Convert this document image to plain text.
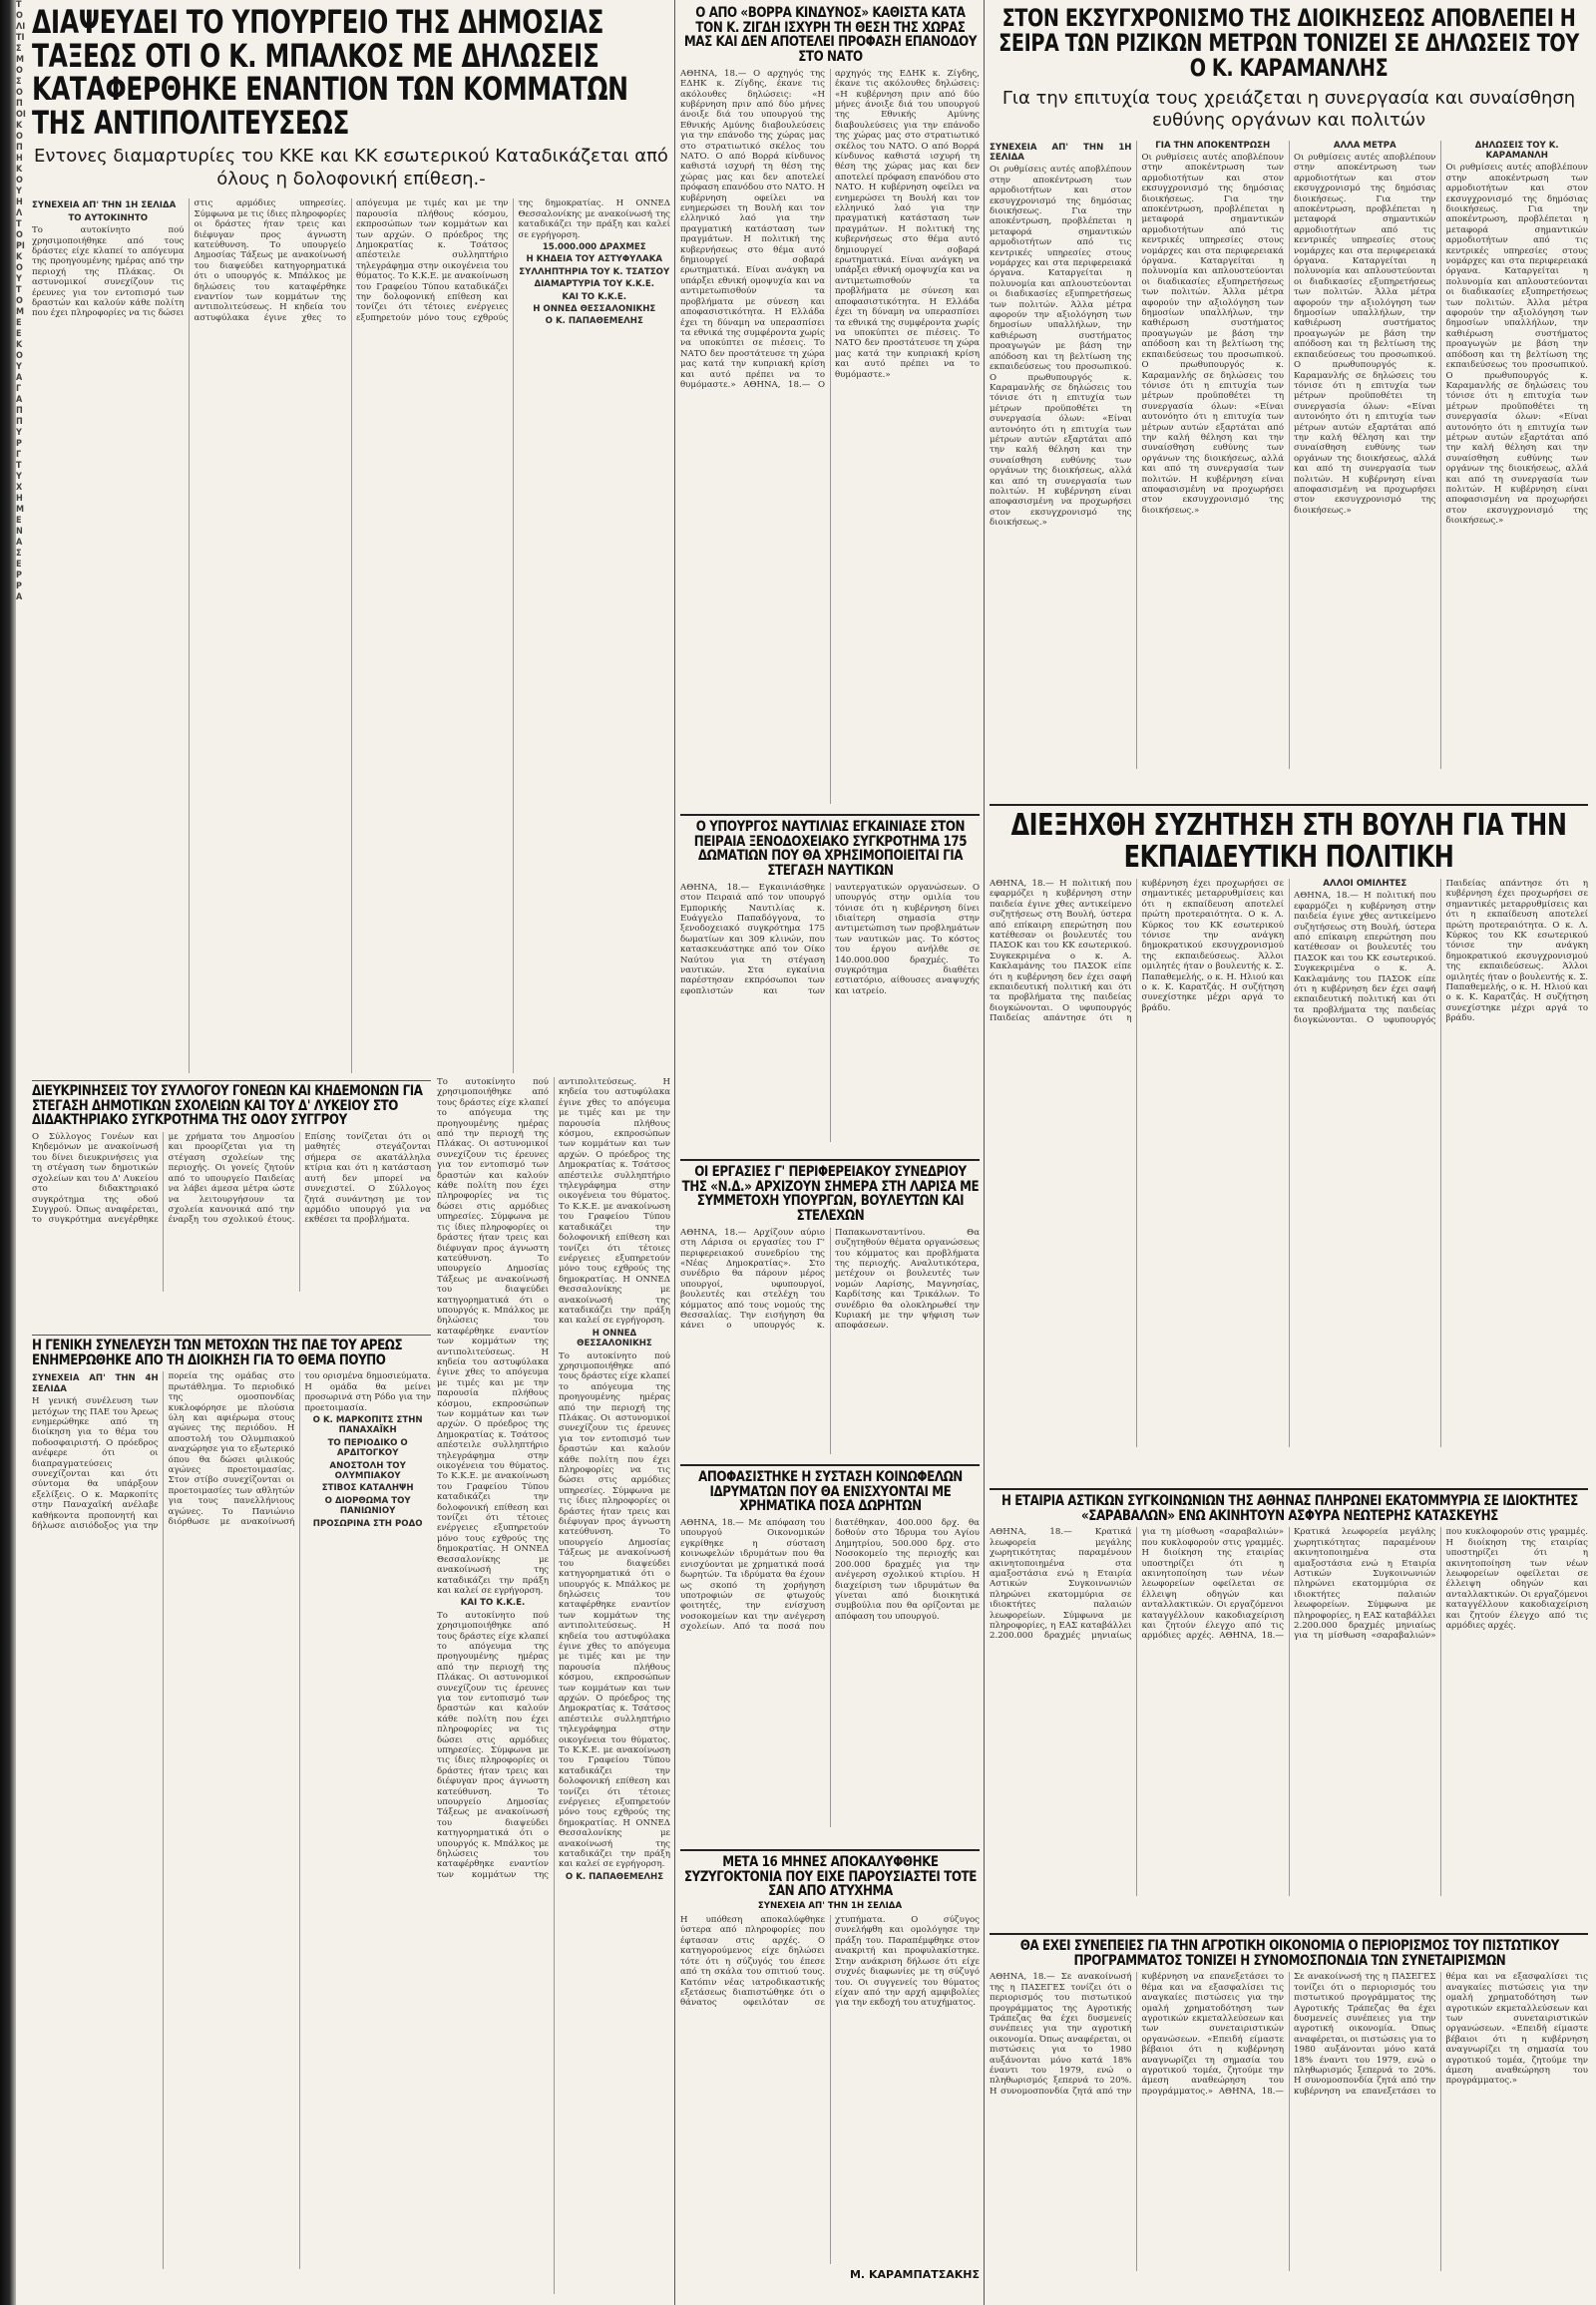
ΤΟΛΙΤΙΣΜΟΣ ΟΠΟΙ ΚΟΠΗ ΚΟΥ ΗΛ ΤΟΡΙΚΟΥ ΤΟΜΕ ΕΚΟΥ ΑΓΑΠ ΠΥΡΓ ΤΥΧΗ ΜΕΝΑ ΣΕΡΡΑ
ΔΙΑΨΕΥΔΕΙ ΤΟ ΥΠΟΥΡΓΕΙΟ ΤΗΣ ΔΗΜΟΣΙΑΣ ΤΑΞΕΩΣ ΟΤΙ Ο Κ. ΜΠΑΛΚΟΣ ΜΕ ΔΗΛΩΣΕΙΣ ΚΑΤΑΦΕΡΘΗΚΕ ΕΝΑΝΤΙΟΝ ΤΩΝ ΚΟΜΜΑΤΩΝ ΤΗΣ ΑΝΤΙΠΟΛΙΤΕΥΣΕΩΣ
Εντονες διαμαρτυρίες του ΚΚΕ και ΚΚ εσωτερικού Καταδικάζεται από όλους η δολοφονική επίθεση.-
ΣΥΝΕΧΕΙΑ ΑΠ' ΤΗΝ 1Η ΣΕΛΙΔΑ
ΤΟ ΑΥΤΟΚΙΝΗΤΟ
Το αυτοκίνητο πού χρησιμοποιήθηκε από τους δράστες είχε κλαπεί το απόγευμα της προηγουμένης ημέρας από την περιοχή της Πλάκας. Οι αστυνομικοί συνεχίζουν τις έρευνες για τον εντοπισμό των δραστών και καλούν κάθε πολίτη που έχει πληροφορίες να τις δώσει στις αρμόδιες υπηρεσίες. Σύμφωνα με τις ίδιες πληροφορίες οι δράστες ήταν τρεις και διέφυγαν προς άγνωστη κατεύθυνση. Το υπουργείο Δημοσίας Τάξεως με ανακοίνωσή του διαψεύδει κατηγορηματικά ότι ο υπουργός κ. Μπάλκος με δηλώσεις του καταφέρθηκε εναντίον των κομμάτων της αντιπολιτεύσεως. Η κηδεία του αστυφύλακα έγινε χθες το απόγευμα με τιμές και με την παρουσία πλήθους κόσμου, εκπροσώπων των κομμάτων και των αρχών. Ο πρόεδρος της Δημοκρατίας κ. Τσάτσος απέστειλε συλληπτήριο τηλεγράφημα στην οικογένεια του θύματος. Το Κ.Κ.Ε. με ανακοίνωση του Γραφείου Τύπου καταδικάζει την δολοφονική επίθεση και τονίζει ότι τέτοιες ενέργειες εξυπηρετούν μόνο τους εχθρούς της δημοκρατίας. Η ΟΝΝΕΔ Θεσσαλονίκης με ανακοίνωσή της καταδικάζει την πράξη και καλεί σε εγρήγορση.
15.000.000 ΔΡΑΧΜΕΣ
Η ΚΗΔΕΙΑ ΤΟΥ ΑΣΤΥΦΥΛΑΚΑ
ΣΥΛΛΗΠΤΗΡΙΑ ΤΟΥ Κ. ΤΣΑΤΣΟΥ
ΔΙΑΜΑΡΤΥΡΙΑ ΤΟΥ Κ.Κ.Ε.
ΚΑΙ ΤΟ Κ.Κ.Ε.
Η ΟΝΝΕΔ ΘΕΣΣΑΛΟΝΙΚΗΣ
Ο Κ. ΠΑΠΑΘΕΜΕΛΗΣ
ΔΙΕΥΚΡΙΝΗΣΕΙΣ ΤΟΥ ΣΥΛΛΟΓΟΥ ΓΟΝΕΩΝ ΚΑΙ ΚΗΔΕΜΟΝΩΝ ΓΙΑ ΣΤΕΓΑΣΗ ΔΗΜΟΤΙΚΩΝ ΣΧΟΛΕΙΩΝ ΚΑΙ ΤΟΥ Δ' ΛΥΚΕΙΟΥ ΣΤΟ ΔΙΔΑΚΤΗΡΙΑΚΟ ΣΥΓΚΡΟΤΗΜΑ ΤΗΣ ΟΔΟΥ ΣΥΓΓΡΟΥ
Ο Σύλλογος Γονέων και Κηδεμόνων με ανακοίνωσή του δίνει διευκρινήσεις για τη στέγαση των δημοτικών σχολείων και του Δ' Λυκείου στο διδακτηριακό συγκρότημα της οδού Συγγρού. Όπως αναφέρεται, το συγκρότημα ανεγέρθηκε με χρήματα του Δημοσίου και προορίζεται για τη στέγαση σχολείων της περιοχής. Οι γονείς ζητούν από το υπουργείο Παιδείας να λάβει άμεσα μέτρα ώστε να λειτουργήσουν τα σχολεία κανονικά από την έναρξη του σχολικού έτους. Επίσης τονίζεται ότι οι μαθητές στεγάζονται σήμερα σε ακατάλληλα κτίρια και ότι η κατάσταση αυτή δεν μπορεί να συνεχιστεί. Ο Σύλλογος ζητά συνάντηση με τον αρμόδιο υπουργό για να εκθέσει τα προβλήματα.
Η ΓΕΝΙΚΗ ΣΥΝΕΛΕΥΣΗ ΤΩΝ ΜΕΤΟΧΩΝ ΤΗΣ ΠΑΕ ΤΟΥ ΑΡΕΩΣ ΕΝΗΜΕΡΩΘΗΚΕ ΑΠΟ ΤΗ ΔΙΟΙΚΗΣΗ ΓΙΑ ΤΟ ΘΕΜΑ ΠΟΥΠΟ
ΣΥΝΕΧΕΙΑ ΑΠ' ΤΗΝ 4Η ΣΕΛΙΔΑ
Η γενική συνέλευση των μετόχων της ΠΑΕ του Άρεως ενημερώθηκε από τη διοίκηση για το θέμα του ποδοσφαιριστή. Ο πρόεδρος ανέφερε ότι οι διαπραγματεύσεις συνεχίζονται και ότι σύντομα θα υπάρξουν εξελίξεις. Ο κ. Μαρκοπίτς στην Παναχαϊκή ανέλαβε καθήκοντα προπονητή και δήλωσε αισιόδοξος για την πορεία της ομάδας στο πρωτάθλημα. Το περιοδικό της ομοσπονδίας κυκλοφόρησε με πλούσια ύλη και αφιέρωμα στους αγώνες της περιόδου. Η αποστολή του Ολυμπιακού αναχώρησε για το εξωτερικό όπου θα δώσει φιλικούς αγώνες προετοιμασίας. Στον στίβο συνεχίζονται οι προετοιμασίες των αθλητών για τους πανελλήνιους αγώνες. Το Πανιώνιο διόρθωσε με ανακοίνωσή του ορισμένα δημοσιεύματα. Η ομάδα θα μείνει προσωρινά στη Ρόδο για την προετοιμασία.
Ο Κ. ΜΑΡΚΟΠΙΤΣ ΣΤΗΝ ΠΑΝΑΧΑΪΚΗ
ΤΟ ΠΕΡΙΟΔΙΚΟ Ο ΑΡΔΙΤΟΓΚΟΥ
ΑΝΟΣΤΟΛΗ ΤΟΥ ΟΛΥΜΠΙΑΚΟΥ
ΣΤΙΒΟΣ ΚΑΤΑΛΗΨΗ
Ο ΔΙΟΡΘΩΜΑ ΤΟΥ ΠΑΝΙΩΝΙΟΥ
ΠΡΟΣΩΡΙΝΑ ΣΤΗ ΡΟΔΟ
Το αυτοκίνητο πού χρησιμοποιήθηκε από τους δράστες είχε κλαπεί το απόγευμα της προηγουμένης ημέρας από την περιοχή της Πλάκας. Οι αστυνομικοί συνεχίζουν τις έρευνες για τον εντοπισμό των δραστών και καλούν κάθε πολίτη που έχει πληροφορίες να τις δώσει στις αρμόδιες υπηρεσίες. Σύμφωνα με τις ίδιες πληροφορίες οι δράστες ήταν τρεις και διέφυγαν προς άγνωστη κατεύθυνση. Το υπουργείο Δημοσίας Τάξεως με ανακοίνωσή του διαψεύδει κατηγορηματικά ότι ο υπουργός κ. Μπάλκος με δηλώσεις του καταφέρθηκε εναντίον των κομμάτων της αντιπολιτεύσεως. Η κηδεία του αστυφύλακα έγινε χθες το απόγευμα με τιμές και με την παρουσία πλήθους κόσμου, εκπροσώπων των κομμάτων και των αρχών. Ο πρόεδρος της Δημοκρατίας κ. Τσάτσος απέστειλε συλληπτήριο τηλεγράφημα στην οικογένεια του θύματος. Το Κ.Κ.Ε. με ανακοίνωση του Γραφείου Τύπου καταδικάζει την δολοφονική επίθεση και τονίζει ότι τέτοιες ενέργειες εξυπηρετούν μόνο τους εχθρούς της δημοκρατίας. Η ΟΝΝΕΔ Θεσσαλονίκης με ανακοίνωσή της καταδικάζει την πράξη και καλεί σε εγρήγορση.
ΚΑΙ ΤΟ Κ.Κ.Ε.
Το αυτοκίνητο πού χρησιμοποιήθηκε από τους δράστες είχε κλαπεί το απόγευμα της προηγουμένης ημέρας από την περιοχή της Πλάκας. Οι αστυνομικοί συνεχίζουν τις έρευνες για τον εντοπισμό των δραστών και καλούν κάθε πολίτη που έχει πληροφορίες να τις δώσει στις αρμόδιες υπηρεσίες. Σύμφωνα με τις ίδιες πληροφορίες οι δράστες ήταν τρεις και διέφυγαν προς άγνωστη κατεύθυνση. Το υπουργείο Δημοσίας Τάξεως με ανακοίνωσή του διαψεύδει κατηγορηματικά ότι ο υπουργός κ. Μπάλκος με δηλώσεις του καταφέρθηκε εναντίον των κομμάτων της αντιπολιτεύσεως. Η κηδεία του αστυφύλακα έγινε χθες το απόγευμα με τιμές και με την παρουσία πλήθους κόσμου, εκπροσώπων των κομμάτων και των αρχών. Ο πρόεδρος της Δημοκρατίας κ. Τσάτσος απέστειλε συλληπτήριο τηλεγράφημα στην οικογένεια του θύματος. Το Κ.Κ.Ε. με ανακοίνωση του Γραφείου Τύπου καταδικάζει την δολοφονική επίθεση και τονίζει ότι τέτοιες ενέργειες εξυπηρετούν μόνο τους εχθρούς της δημοκρατίας. Η ΟΝΝΕΔ Θεσσαλονίκης με ανακοίνωσή της καταδικάζει την πράξη και καλεί σε εγρήγορση.
Η ΟΝΝΕΔ ΘΕΣΣΑΛΟΝΙΚΗΣ
Το αυτοκίνητο πού χρησιμοποιήθηκε από τους δράστες είχε κλαπεί το απόγευμα της προηγουμένης ημέρας από την περιοχή της Πλάκας. Οι αστυνομικοί συνεχίζουν τις έρευνες για τον εντοπισμό των δραστών και καλούν κάθε πολίτη που έχει πληροφορίες να τις δώσει στις αρμόδιες υπηρεσίες. Σύμφωνα με τις ίδιες πληροφορίες οι δράστες ήταν τρεις και διέφυγαν προς άγνωστη κατεύθυνση. Το υπουργείο Δημοσίας Τάξεως με ανακοίνωσή του διαψεύδει κατηγορηματικά ότι ο υπουργός κ. Μπάλκος με δηλώσεις του καταφέρθηκε εναντίον των κομμάτων της αντιπολιτεύσεως. Η κηδεία του αστυφύλακα έγινε χθες το απόγευμα με τιμές και με την παρουσία πλήθους κόσμου, εκπροσώπων των κομμάτων και των αρχών. Ο πρόεδρος της Δημοκρατίας κ. Τσάτσος απέστειλε συλληπτήριο τηλεγράφημα στην οικογένεια του θύματος. Το Κ.Κ.Ε. με ανακοίνωση του Γραφείου Τύπου καταδικάζει την δολοφονική επίθεση και τονίζει ότι τέτοιες ενέργειες εξυπηρετούν μόνο τους εχθρούς της δημοκρατίας. Η ΟΝΝΕΔ Θεσσαλονίκης με ανακοίνωσή της καταδικάζει την πράξη και καλεί σε εγρήγορση.
Ο Κ. ΠΑΠΑΘΕΜΕΛΗΣ
Ο ΑΠΟ «ΒΟΡΡΑ ΚΙΝΔΥΝΟΣ» ΚΑΘΙΣΤΑ ΚΑΤΑ ΤΟΝ Κ. ΖΙΓΔΗ ΙΣΧΥΡΗ ΤΗ ΘΕΣΗ ΤΗΣ ΧΩΡΑΣ ΜΑΣ ΚΑΙ ΔΕΝ ΑΠΟΤΕΛΕΙ ΠΡΟΦΑΣΗ ΕΠΑΝΟΔΟΥ ΣΤΟ ΝΑΤΟ
ΑΘΗΝΑ, 18.— Ο αρχηγός της ΕΔΗΚ κ. Ζίγδης, έκανε τις ακόλουθες δηλώσεις: «Η κυβέρνηση πριν από δύο μήνες άνοιξε διά του υπουργού της Εθνικής Αμύνης διαβουλεύσεις για την επάνοδο της χώρας μας στο στρατιωτικό σκέλος του ΝΑΤΟ. Ο από Βορρά κίνδυνος καθιστά ισχυρή τη θέση της χώρας μας και δεν αποτελεί πρόφαση επανόδου στο ΝΑΤΟ. Η κυβέρνηση οφείλει να ενημερώσει τη Βουλή και τον ελληνικό λαό για την πραγματική κατάσταση των πραγμάτων. Η πολιτική της κυβερνήσεως στο θέμα αυτό δημιουργεί σοβαρά ερωτηματικά. Είναι ανάγκη να υπάρξει εθνική ομοψυχία και να αντιμετωπισθούν τα προβλήματα με σύνεση και αποφασιστικότητα. Η Ελλάδα έχει τη δύναμη να υπερασπίσει τα εθνικά της συμφέροντα χωρίς να υποκύπτει σε πιέσεις. Το ΝΑΤΟ δεν προστάτευσε τη χώρα μας κατά την κυπριακή κρίση και αυτό πρέπει να το θυμόμαστε.» ΑΘΗΝΑ, 18.— Ο αρχηγός της ΕΔΗΚ κ. Ζίγδης, έκανε τις ακόλουθες δηλώσεις: «Η κυβέρνηση πριν από δύο μήνες άνοιξε διά του υπουργού της Εθνικής Αμύνης διαβουλεύσεις για την επάνοδο της χώρας μας στο στρατιωτικό σκέλος του ΝΑΤΟ. Ο από Βορρά κίνδυνος καθιστά ισχυρή τη θέση της χώρας μας και δεν αποτελεί πρόφαση επανόδου στο ΝΑΤΟ. Η κυβέρνηση οφείλει να ενημερώσει τη Βουλή και τον ελληνικό λαό για την πραγματική κατάσταση των πραγμάτων. Η πολιτική της κυβερνήσεως στο θέμα αυτό δημιουργεί σοβαρά ερωτηματικά. Είναι ανάγκη να υπάρξει εθνική ομοψυχία και να αντιμετωπισθούν τα προβλήματα με σύνεση και αποφασιστικότητα. Η Ελλάδα έχει τη δύναμη να υπερασπίσει τα εθνικά της συμφέροντα χωρίς να υποκύπτει σε πιέσεις. Το ΝΑΤΟ δεν προστάτευσε τη χώρα μας κατά την κυπριακή κρίση και αυτό πρέπει να το θυμόμαστε.»
Ο ΥΠΟΥΡΓΟΣ ΝΑΥΤΙΛΙΑΣ ΕΓΚΑΙΝΙΑΣΕ ΣΤΟΝ ΠΕΙΡΑΙΑ ΞΕΝΟΔΟΧΕΙΑΚΟ ΣΥΓΚΡΟΤΗΜΑ 175 ΔΩΜΑΤΙΩΝ ΠΟΥ ΘΑ ΧΡΗΣΙΜΟΠΟΙΕΙΤΑΙ ΓΙΑ ΣΤΕΓΑΣΗ ΝΑΥΤΙΚΩΝ
ΑΘΗΝΑ, 18.— Εγκαινιάσθηκε στον Πειραιά από τον υπουργό Εμπορικής Ναυτιλίας κ. Ευάγγελο Παπαδόγγονα, το ξενοδοχειακό συγκρότημα 175 δωματίων και 309 κλινών, που κατασκευάστηκε από τον Οίκο Ναύτου για τη στέγαση ναυτικών. Στα εγκαίνια παρέστησαν εκπρόσωποι των εφοπλιστών και των ναυτεργατικών οργανώσεων. Ο υπουργός στην ομιλία του τόνισε ότι η κυβέρνηση δίνει ιδιαίτερη σημασία στην αντιμετώπιση των προβλημάτων των ναυτικών μας. Το κόστος του έργου ανήλθε σε 140.000.000 δραχμές. Το συγκρότημα διαθέτει εστιατόριο, αίθουσες αναψυχής και ιατρείο.
ΟΙ ΕΡΓΑΣΙΕΣ Γ' ΠΕΡΙΦΕΡΕΙΑΚΟΥ ΣΥΝΕΔΡΙΟΥ ΤΗΣ «Ν.Δ.» ΑΡΧΙΖΟΥΝ ΣΗΜΕΡΑ ΣΤΗ ΛΑΡΙΣΑ ΜΕ ΣΥΜΜΕΤΟΧΗ ΥΠΟΥΡΓΩΝ, ΒΟΥΛΕΥΤΩΝ ΚΑΙ ΣΤΕΛΕΧΩΝ
ΑΘΗΝΑ, 18.— Αρχίζουν αύριο στη Λάρισα οι εργασίες του Γ' περιφερειακού συνεδρίου της «Νέας Δημοκρατίας». Στο συνέδριο θα πάρουν μέρος υπουργοί, υφυπουργοί, βουλευτές και στελέχη του κόμματος από τους νομούς της Θεσσαλίας. Την εισήγηση θα κάνει ο υπουργός κ. Παπακωνσταντίνου. Θα συζητηθούν θέματα οργανώσεως του κόμματος και προβλήματα της περιοχής. Αναλυτικότερα, μετέχουν οι βουλευτές των νομών Λαρίσης, Μαγνησίας, Καρδίτσης και Τρικάλων. Το συνέδριο θα ολοκληρωθεί την Κυριακή με την ψήφιση των αποφάσεων.
ΑΠΟΦΑΣΙΣΤΗΚΕ Η ΣΥΣΤΑΣΗ ΚΟΙΝΩΦΕΛΩΝ ΙΔΡΥΜΑΤΩΝ ΠΟΥ ΘΑ ΕΝΙΣΧΥΟΝΤΑΙ ΜΕ ΧΡΗΜΑΤΙΚΑ ΠΟΣΑ ΔΩΡΗΤΩΝ
ΑΘΗΝΑ, 18.— Με απόφαση του υπουργού Οικονομικών εγκρίθηκε η σύσταση κοινωφελών ιδρυμάτων που θα ενισχύονται με χρηματικά ποσά δωρητών. Τα ιδρύματα θα έχουν ως σκοπό τη χορήγηση υποτροφιών σε φτωχούς φοιτητές, την ενίσχυση νοσοκομείων και την ανέγερση σχολείων. Από τα ποσά που διατέθηκαν, 400.000 δρχ. θα δοθούν στο Ίδρυμα του Αγίου Δημητρίου, 500.000 δρχ. στο Νοσοκομείο της περιοχής και 200.000 δραχμές για την ανέγερση σχολικού κτιρίου. Η διαχείριση των ιδρυμάτων θα γίνεται από διοικητικά συμβούλια που θα ορίζονται με απόφαση του υπουργού.
ΜΕΤΑ 16 ΜΗΝΕΣ ΑΠΟΚΑΛΥΦΘΗΚΕ ΣΥΖΥΓΟΚΤΟΝΙΑ ΠΟΥ ΕΙΧΕ ΠΑΡΟΥΣΙΑΣΤΕΙ ΤΟΤΕ ΣΑΝ ΑΠΟ ΑΤΥΧΗΜΑ
ΣΥΝΕΧΕΙΑ ΑΠ' ΤΗΝ 1Η ΣΕΛΙΔΑ
Η υπόθεση αποκαλύφθηκε ύστερα από πληροφορίες που έφτασαν στις αρχές. Ο κατηγορούμενος είχε δηλώσει τότε ότι η σύζυγός του έπεσε από τη σκάλα του σπιτιού τους. Κατόπιν νέας ιατροδικαστικής εξετάσεως διαπιστώθηκε ότι ο θάνατος οφειλόταν σε χτυπήματα. Ο σύζυγος συνελήφθη και ομολόγησε την πράξη του. Παραπέμφθηκε στον ανακριτή και προφυλακίστηκε. Στην ανάκριση δήλωσε ότι είχε συχνές διαφωνίες με τη σύζυγό του. Οι συγγενείς του θύματος είχαν από την αρχή αμφιβολίες για την εκδοχή του ατυχήματος.
Μ. ΚΑΡΑΜΠΑΤΣΑΚΗΣ
ΣΤΟΝ ΕΚΣΥΓΧΡΟΝΙΣΜΟ ΤΗΣ ΔΙΟΙΚΗΣΕΩΣ ΑΠΟΒΛΕΠΕΙ Η ΣΕΙΡΑ ΤΩΝ ΡΙΖΙΚΩΝ ΜΕΤΡΩΝ ΤΟΝΙΖΕΙ ΣΕ ΔΗΛΩΣΕΙΣ ΤΟΥ Ο Κ. ΚΑΡΑΜΑΝΛΗΣ
Για την επιτυχία τους χρειάζεται η συνεργασία και συναίσθηση ευθύνης οργάνων και πολιτών
ΣΥΝΕΧΕΙΑ ΑΠ' ΤΗΝ 1Η ΣΕΛΙΔΑ
Οι ρυθμίσεις αυτές αποβλέπουν στην αποκέντρωση των αρμοδιοτήτων και στον εκσυγχρονισμό της δημόσιας διοικήσεως. Για την αποκέντρωση, προβλέπεται η μεταφορά σημαντικών αρμοδιοτήτων από τις κεντρικές υπηρεσίες στους νομάρχες και στα περιφερειακά όργανα. Καταργείται η πολυνομία και απλουστεύονται οι διαδικασίες εξυπηρετήσεως των πολιτών. Άλλα μέτρα αφορούν την αξιολόγηση των δημοσίων υπαλλήλων, την καθιέρωση συστήματος προαγωγών με βάση την απόδοση και τη βελτίωση της εκπαιδεύσεως του προσωπικού. Ο πρωθυπουργός κ. Καραμανλής σε δηλώσεις του τόνισε ότι η επιτυχία των μέτρων προϋποθέτει τη συνεργασία όλων: «Είναι αυτονόητο ότι η επιτυχία των μέτρων αυτών εξαρτάται από την καλή θέληση και την συναίσθηση ευθύνης των οργάνων της διοικήσεως, αλλά και από τη συνεργασία των πολιτών. Η κυβέρνηση είναι αποφασισμένη να προχωρήσει στον εκσυγχρονισμό της διοικήσεως.»
ΓΙΑ ΤΗΝ ΑΠΟΚΕΝΤΡΩΣΗ
Οι ρυθμίσεις αυτές αποβλέπουν στην αποκέντρωση των αρμοδιοτήτων και στον εκσυγχρονισμό της δημόσιας διοικήσεως. Για την αποκέντρωση, προβλέπεται η μεταφορά σημαντικών αρμοδιοτήτων από τις κεντρικές υπηρεσίες στους νομάρχες και στα περιφερειακά όργανα. Καταργείται η πολυνομία και απλουστεύονται οι διαδικασίες εξυπηρετήσεως των πολιτών. Άλλα μέτρα αφορούν την αξιολόγηση των δημοσίων υπαλλήλων, την καθιέρωση συστήματος προαγωγών με βάση την απόδοση και τη βελτίωση της εκπαιδεύσεως του προσωπικού. Ο πρωθυπουργός κ. Καραμανλής σε δηλώσεις του τόνισε ότι η επιτυχία των μέτρων προϋποθέτει τη συνεργασία όλων: «Είναι αυτονόητο ότι η επιτυχία των μέτρων αυτών εξαρτάται από την καλή θέληση και την συναίσθηση ευθύνης των οργάνων της διοικήσεως, αλλά και από τη συνεργασία των πολιτών. Η κυβέρνηση είναι αποφασισμένη να προχωρήσει στον εκσυγχρονισμό της διοικήσεως.»
ΑΛΛΑ ΜΕΤΡΑ
Οι ρυθμίσεις αυτές αποβλέπουν στην αποκέντρωση των αρμοδιοτήτων και στον εκσυγχρονισμό της δημόσιας διοικήσεως. Για την αποκέντρωση, προβλέπεται η μεταφορά σημαντικών αρμοδιοτήτων από τις κεντρικές υπηρεσίες στους νομάρχες και στα περιφερειακά όργανα. Καταργείται η πολυνομία και απλουστεύονται οι διαδικασίες εξυπηρετήσεως των πολιτών. Άλλα μέτρα αφορούν την αξιολόγηση των δημοσίων υπαλλήλων, την καθιέρωση συστήματος προαγωγών με βάση την απόδοση και τη βελτίωση της εκπαιδεύσεως του προσωπικού. Ο πρωθυπουργός κ. Καραμανλής σε δηλώσεις του τόνισε ότι η επιτυχία των μέτρων προϋποθέτει τη συνεργασία όλων: «Είναι αυτονόητο ότι η επιτυχία των μέτρων αυτών εξαρτάται από την καλή θέληση και την συναίσθηση ευθύνης των οργάνων της διοικήσεως, αλλά και από τη συνεργασία των πολιτών. Η κυβέρνηση είναι αποφασισμένη να προχωρήσει στον εκσυγχρονισμό της διοικήσεως.»
ΔΗΛΩΣΕΙΣ ΤΟΥ Κ. ΚΑΡΑΜΑΝΛΗ
Οι ρυθμίσεις αυτές αποβλέπουν στην αποκέντρωση των αρμοδιοτήτων και στον εκσυγχρονισμό της δημόσιας διοικήσεως. Για την αποκέντρωση, προβλέπεται η μεταφορά σημαντικών αρμοδιοτήτων από τις κεντρικές υπηρεσίες στους νομάρχες και στα περιφερειακά όργανα. Καταργείται η πολυνομία και απλουστεύονται οι διαδικασίες εξυπηρετήσεως των πολιτών. Άλλα μέτρα αφορούν την αξιολόγηση των δημοσίων υπαλλήλων, την καθιέρωση συστήματος προαγωγών με βάση την απόδοση και τη βελτίωση της εκπαιδεύσεως του προσωπικού. Ο πρωθυπουργός κ. Καραμανλής σε δηλώσεις του τόνισε ότι η επιτυχία των μέτρων προϋποθέτει τη συνεργασία όλων: «Είναι αυτονόητο ότι η επιτυχία των μέτρων αυτών εξαρτάται από την καλή θέληση και την συναίσθηση ευθύνης των οργάνων της διοικήσεως, αλλά και από τη συνεργασία των πολιτών. Η κυβέρνηση είναι αποφασισμένη να προχωρήσει στον εκσυγχρονισμό της διοικήσεως.»
ΔΙΕΞΗΧΘΗ ΣΥΖΗΤΗΣΗ ΣΤΗ ΒΟΥΛΗ ΓΙΑ ΤΗΝ ΕΚΠΑΙΔΕΥΤΙΚΗ ΠΟΛΙΤΙΚΗ
ΑΘΗΝΑ, 18.— Η πολιτική που εφαρμόζει η κυβέρνηση στην παιδεία έγινε χθες αντικείμενο συζητήσεως στη Βουλή, ύστερα από επίκαιρη επερώτηση που κατέθεσαν οι βουλευτές του ΠΑΣΟΚ και του ΚΚ εσωτερικού. Συγκεκριμένα ο κ. Α. Κακλαμάνης του ΠΑΣΟΚ είπε ότι η κυβέρνηση δεν έχει σαφή εκπαιδευτική πολιτική και ότι τα προβλήματα της παιδείας διογκώνονται. Ο υφυπουργός Παιδείας απάντησε ότι η κυβέρνηση έχει προχωρήσει σε σημαντικές μεταρρυθμίσεις και ότι η εκπαίδευση αποτελεί πρώτη προτεραιότητα. Ο κ. Λ. Κύρκος του ΚΚ εσωτερικού τόνισε την ανάγκη δημοκρατικού εκσυγχρονισμού της εκπαιδεύσεως. Άλλοι ομιλητές ήταν ο βουλευτής κ. Σ. Παπαθεμελής, ο κ. Η. Ηλιού και ο κ. Κ. Καρατζάς. Η συζήτηση συνεχίστηκε μέχρι αργά το βράδυ.
ΑΛΛΟΙ ΟΜΙΛΗΤΕΣ
ΑΘΗΝΑ, 18.— Η πολιτική που εφαρμόζει η κυβέρνηση στην παιδεία έγινε χθες αντικείμενο συζητήσεως στη Βουλή, ύστερα από επίκαιρη επερώτηση που κατέθεσαν οι βουλευτές του ΠΑΣΟΚ και του ΚΚ εσωτερικού. Συγκεκριμένα ο κ. Α. Κακλαμάνης του ΠΑΣΟΚ είπε ότι η κυβέρνηση δεν έχει σαφή εκπαιδευτική πολιτική και ότι τα προβλήματα της παιδείας διογκώνονται. Ο υφυπουργός Παιδείας απάντησε ότι η κυβέρνηση έχει προχωρήσει σε σημαντικές μεταρρυθμίσεις και ότι η εκπαίδευση αποτελεί πρώτη προτεραιότητα. Ο κ. Λ. Κύρκος του ΚΚ εσωτερικού τόνισε την ανάγκη δημοκρατικού εκσυγχρονισμού της εκπαιδεύσεως. Άλλοι ομιλητές ήταν ο βουλευτής κ. Σ. Παπαθεμελής, ο κ. Η. Ηλιού και ο κ. Κ. Καρατζάς. Η συζήτηση συνεχίστηκε μέχρι αργά το βράδυ.
Η ΕΤΑΙΡΙΑ ΑΣΤΙΚΩΝ ΣΥΓΚΟΙΝΩΝΙΩΝ ΤΗΣ ΑΘΗΝΑΣ ΠΛΗΡΩΝΕΙ ΕΚΑΤΟΜΜΥΡΙΑ ΣΕ ΙΔΙΟΚΤΗΤΕΣ «ΣΑΡΑΒΑΛΩΝ» ΕΝΩ ΑΚΙΝΗΤΟΥΝ ΑΣΦΥΡΑ ΝΕΩΤΕΡΗΣ ΚΑΤΑΣΚΕΥΗΣ
ΑΘΗΝΑ, 18.— Κρατικά λεωφορεία μεγάλης χωρητικότητας παραμένουν ακινητοποιημένα στα αμαξοστάσια ενώ η Εταιρία Αστικών Συγκοινωνιών πληρώνει εκατομμύρια σε ιδιοκτήτες παλαιών λεωφορείων. Σύμφωνα με πληροφορίες, η ΕΑΣ καταβάλλει 2.200.000 δραχμές μηνιαίως για τη μίσθωση «σαραβαλιών» που κυκλοφορούν στις γραμμές. Η διοίκηση της εταιρίας υποστηρίζει ότι η ακινητοποίηση των νέων λεωφορείων οφείλεται σε έλλειψη οδηγών και ανταλλακτικών. Οι εργαζόμενοι καταγγέλλουν κακοδιαχείριση και ζητούν έλεγχο από τις αρμόδιες αρχές. ΑΘΗΝΑ, 18.— Κρατικά λεωφορεία μεγάλης χωρητικότητας παραμένουν ακινητοποιημένα στα αμαξοστάσια ενώ η Εταιρία Αστικών Συγκοινωνιών πληρώνει εκατομμύρια σε ιδιοκτήτες παλαιών λεωφορείων. Σύμφωνα με πληροφορίες, η ΕΑΣ καταβάλλει 2.200.000 δραχμές μηνιαίως για τη μίσθωση «σαραβαλιών» που κυκλοφορούν στις γραμμές. Η διοίκηση της εταιρίας υποστηρίζει ότι η ακινητοποίηση των νέων λεωφορείων οφείλεται σε έλλειψη οδηγών και ανταλλακτικών. Οι εργαζόμενοι καταγγέλλουν κακοδιαχείριση και ζητούν έλεγχο από τις αρμόδιες αρχές.
ΘΑ ΕΧΕΙ ΣΥΝΕΠΕΙΕΣ ΓΙΑ ΤΗΝ ΑΓΡΟΤΙΚΗ ΟΙΚΟΝΟΜΙΑ Ο ΠΕΡΙΟΡΙΣΜΟΣ ΤΟΥ ΠΙΣΤΩΤΙΚΟΥ ΠΡΟΓΡΑΜΜΑΤΟΣ ΤΟΝΙΖΕΙ Η ΣΥΝΟΜΟΣΠΟΝΔΙΑ ΤΩΝ ΣΥΝΕΤΑΙΡΙΣΜΩΝ
ΑΘΗΝΑ, 18.— Σε ανακοίνωσή της η ΠΑΣΕΓΕΣ τονίζει ότι ο περιορισμός του πιστωτικού προγράμματος της Αγροτικής Τράπεζας θα έχει δυσμενείς συνέπειες για την αγροτική οικονομία. Όπως αναφέρεται, οι πιστώσεις για το 1980 αυξάνονται μόνο κατά 18% έναντι του 1979, ενώ ο πληθωρισμός ξεπερνά το 20%. Η συνομοσπονδία ζητά από την κυβέρνηση να επανεξετάσει το θέμα και να εξασφαλίσει τις αναγκαίες πιστώσεις για την ομαλή χρηματοδότηση των αγροτικών εκμεταλλεύσεων και των συνεταιριστικών οργανώσεων. «Επειδή είμαστε βέβαιοι ότι η κυβέρνηση αναγνωρίζει τη σημασία του αγροτικού τομέα, ζητούμε την άμεση αναθεώρηση του προγράμματος.» ΑΘΗΝΑ, 18.— Σε ανακοίνωσή της η ΠΑΣΕΓΕΣ τονίζει ότι ο περιορισμός του πιστωτικού προγράμματος της Αγροτικής Τράπεζας θα έχει δυσμενείς συνέπειες για την αγροτική οικονομία. Όπως αναφέρεται, οι πιστώσεις για το 1980 αυξάνονται μόνο κατά 18% έναντι του 1979, ενώ ο πληθωρισμός ξεπερνά το 20%. Η συνομοσπονδία ζητά από την κυβέρνηση να επανεξετάσει το θέμα και να εξασφαλίσει τις αναγκαίες πιστώσεις για την ομαλή χρηματοδότηση των αγροτικών εκμεταλλεύσεων και των συνεταιριστικών οργανώσεων. «Επειδή είμαστε βέβαιοι ότι η κυβέρνηση αναγνωρίζει τη σημασία του αγροτικού τομέα, ζητούμε την άμεση αναθεώρηση του προγράμματος.»
